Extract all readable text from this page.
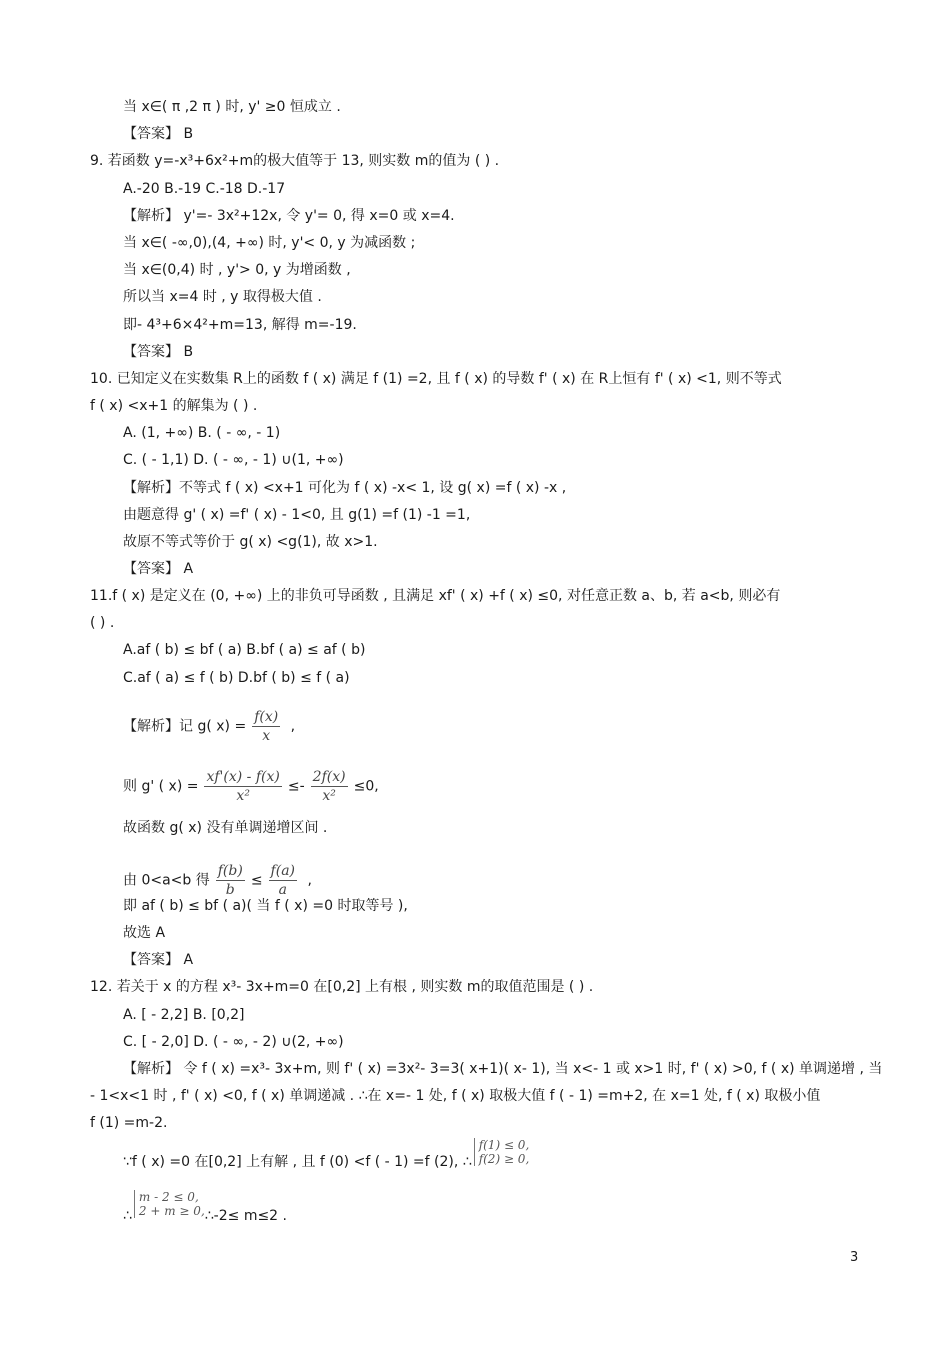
当 x∈( π ,2 π ) 时, y' ≥0 恒成立 .
【答案】 B
9. 若函数 y=-x³+6x²+m的极大值等于 13, 则实数 m的值为 ( ) .
A.-20 B.-19 C.-18 D.-17
【解析】 y'=- 3x²+12x, 令 y'= 0, 得 x=0 或 x=4.
当 x∈( -∞,0),(4, +∞) 时, y'< 0, y 为减函数 ;
当 x∈(0,4) 时 , y'> 0, y 为增函数 ,
所以当 x=4 时 , y 取得极大值 .
即- 4³+6×4²+m=13, 解得 m=-19.
【答案】 B
10. 已知定义在实数集 R上的函数 f ( x) 满足 f (1) =2, 且 f ( x) 的导数 f' ( x) 在 R上恒有 f' ( x) <1, 则不等式
f ( x) <x+1 的解集为 ( ) .
A. (1, +∞) B. ( - ∞, - 1)
C. ( - 1,1) D. ( - ∞, - 1) ∪(1, +∞)
【解析】不等式 f ( x) <x+1 可化为 f ( x) -x< 1, 设 g( x) =f ( x) -x ,
由题意得 g' ( x) =f' ( x) - 1<0, 且 g(1) =f (1) -1 =1,
故原不等式等价于 g( x) <g(1), 故 x>1.
【答案】 A
11.f ( x) 是定义在 (0, +∞) 上的非负可导函数 , 且满足 xf' ( x) +f ( x) ≤0, 对任意正数 a、b, 若 a<b, 则必有
( ) .
A.af ( b) ≤ bf ( a) B.bf ( a) ≤ af ( b)
C.af ( a) ≤ f ( b) D.bf ( b) ≤ f ( a)
故函数 g( x) 没有单调递增区间 .
即 af ( b) ≤ bf ( a)( 当 f ( x) =0 时取等号 ),
故选 A
【答案】 A
12. 若关于 x 的方程 x³- 3x+m=0 在[0,2] 上有根 , 则实数 m的取值范围是 ( ) .
A. [ - 2,2] B. [0,2]
C. [ - 2,0] D. ( - ∞, - 2) ∪(2, +∞)
【解析】 令 f ( x) =x³- 3x+m, 则 f' ( x) =3x²- 3=3( x+1)( x- 1), 当 x<- 1 或 x>1 时, f' ( x) >0, f ( x) 单调递增 , 当
- 1<x<1 时 , f' ( x) <0, f ( x) 单调递减 . ∴在 x=- 1 处, f ( x) 取极大值 f ( - 1) =m+2, 在 x=1 处, f ( x) 取极小值
f (1) =m-2.
【解析】记 g( $x) = \frac{f(x)}{x}$ ,
则 g' ( $x) = \frac{xf'(x) - f(x)}{\text{x²}} \le- \frac{2f(x)}{\text{x²}} \le 0$,
由 0<a<b 得 $\frac{f(b)}{b} \le \frac{f(a)}{a}$ ,
∵f ( x) =0 在[0,2] 上有解 , 且 f (0) <f ( - 1) =f (2), ∴
f(1) ≤ 0,
f(2) ≥ 0,
∴
m - 2 ≤ 0,
2 + m ≥ 0, ∴-2≤ m≤2 .
3
